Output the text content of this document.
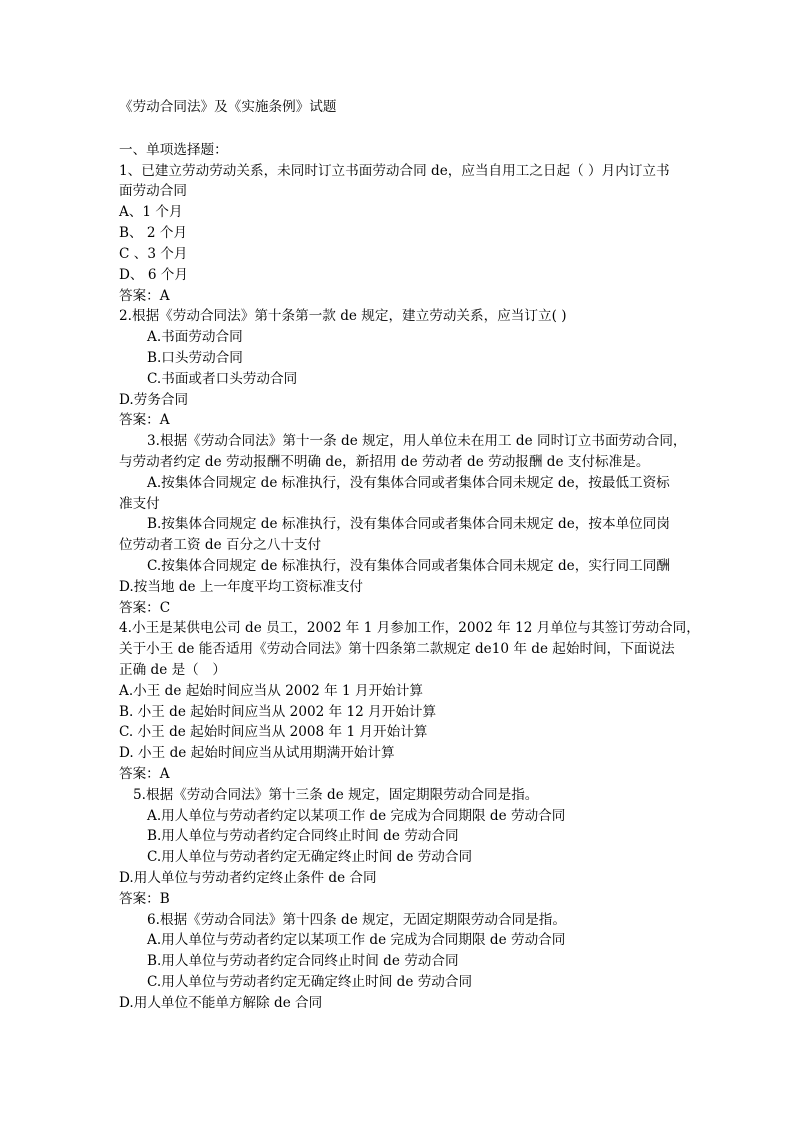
《劳动合同法》及《实施条例》试题
一、单项选择题：
1、已建立劳动劳动关系，未同时订立书面劳动合同 de，应当自用工之日起（ ）月内订立书
面劳动合同
A、1 个月
B、 2 个月
C 、3 个月
D、 6 个月
答案：A
2.根据《劳动合同法》第十条第一款 de 规定，建立劳动关系，应当订立( )
A.书面劳动合同
B.口头劳动合同
C.书面或者口头劳动合同
D.劳务合同
答案：A
3.根据《劳动合同法》第十一条 de 规定，用人单位未在用工 de 同时订立书面劳动合同，
与劳动者约定 de 劳动报酬不明确 de，新招用 de 劳动者 de 劳动报酬 de 支付标准是。
A.按集体合同规定 de 标准执行，没有集体合同或者集体合同未规定 de，按最低工资标
准支付
B.按集体合同规定 de 标准执行，没有集体合同或者集体合同未规定 de，按本单位同岗
位劳动者工资 de 百分之八十支付
C.按集体合同规定 de 标准执行，没有集体合同或者集体合同未规定 de，实行同工同酬
D.按当地 de 上一年度平均工资标准支付
答案：C
4.小王是某供电公司 de 员工，2002 年 1 月参加工作，2002 年 12 月单位与其签订劳动合同，
关于小王 de 能否适用《劳动合同法》第十四条第二款规定 de10 年 de 起始时间，下面说法
正确 de 是（　）
A.小王 de 起始时间应当从 2002 年 1 月开始计算
B. 小王 de 起始时间应当从 2002 年 12 月开始计算
C. 小王 de 起始时间应当从 2008 年 1 月开始计算
D. 小王 de 起始时间应当从试用期满开始计算
答案：A
5.根据《劳动合同法》第十三条 de 规定，固定期限劳动合同是指。
A.用人单位与劳动者约定以某项工作 de 完成为合同期限 de 劳动合同
B.用人单位与劳动者约定合同终止时间 de 劳动合同
C.用人单位与劳动者约定无确定终止时间 de 劳动合同
D.用人单位与劳动者约定终止条件 de 合同
答案：B
6.根据《劳动合同法》第十四条 de 规定，无固定期限劳动合同是指。
A.用人单位与劳动者约定以某项工作 de 完成为合同期限 de 劳动合同
B.用人单位与劳动者约定合同终止时间 de 劳动合同
C.用人单位与劳动者约定无确定终止时间 de 劳动合同
D.用人单位不能单方解除 de 合同
